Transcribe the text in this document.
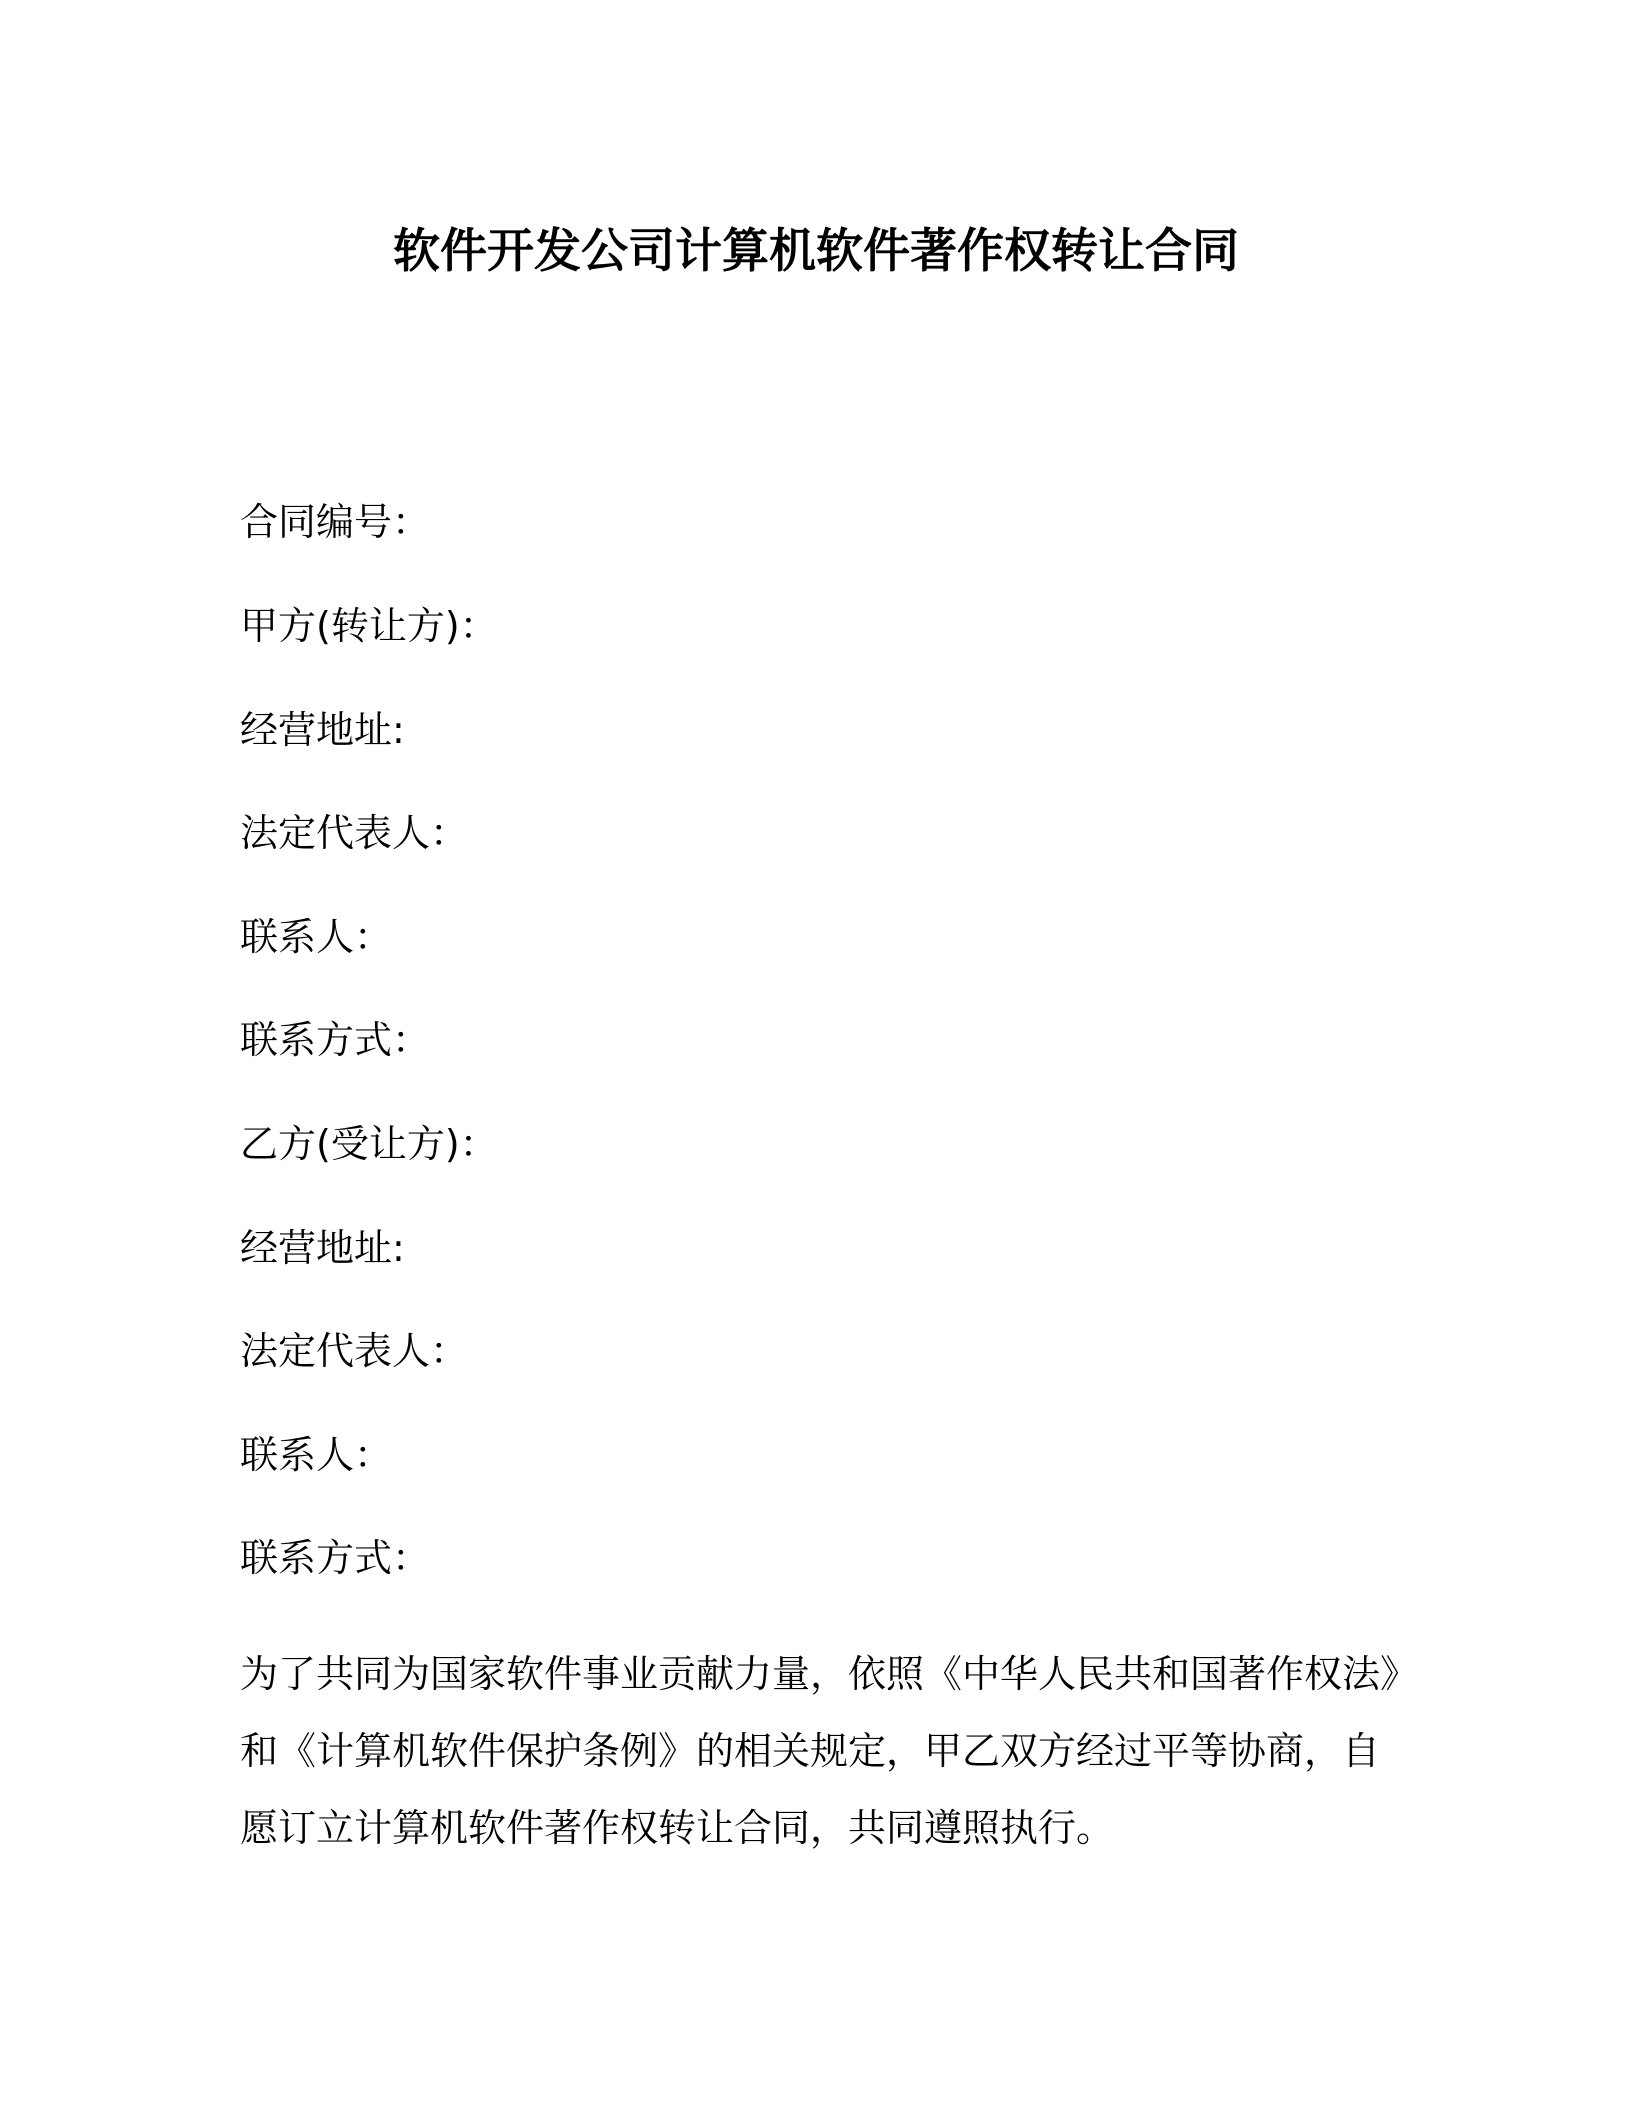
软件开发公司计算机软件著作权转让合同
合同编号：
甲方(转让方)：
经营地址:
法定代表人：
联系人：
联系方式：
乙方(受让方)：
经营地址:
法定代表人：
联系人：
联系方式：
为了共同为国家软件事业贡献力量，依照《中华人民共和国著作权法》
和《计算机软件保护条例》的相关规定，甲乙双方经过平等协商，自
愿订立计算机软件著作权转让合同，共同遵照执行。
